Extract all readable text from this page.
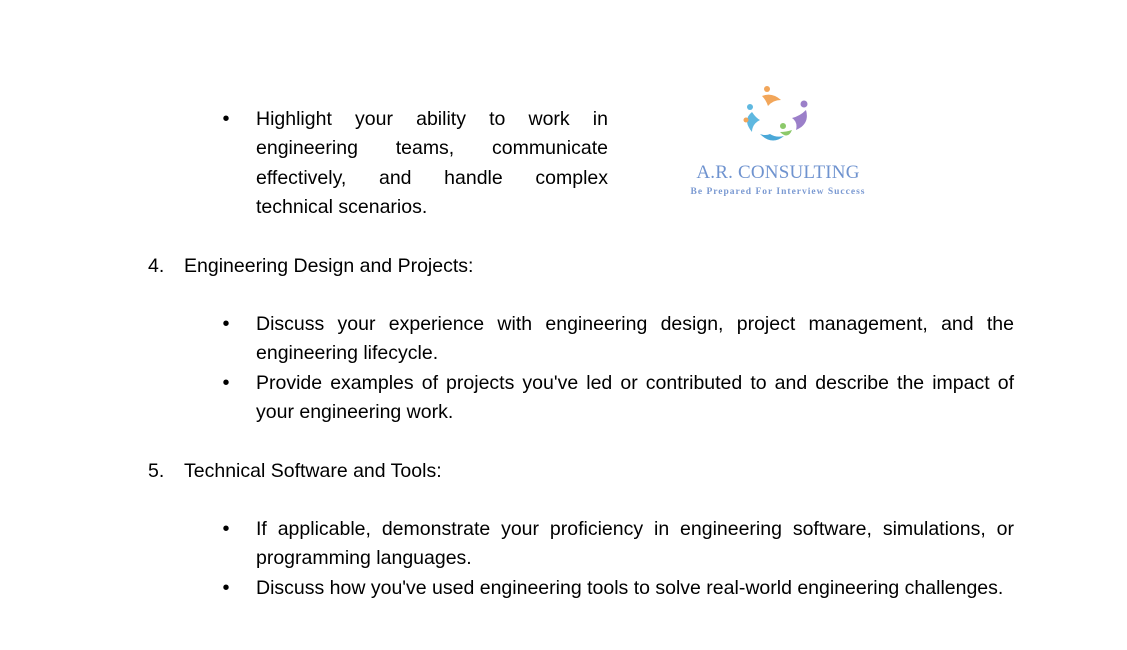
• Highlight your ability to work in engineering teams, communicate effectively, and handle complex technical scenarios.
A.R. CONSULTING
Be Prepared For Interview Success
4. Engineering Design and Projects:
• Discuss your experience with engineering design, project management, and the engineering lifecycle.
• Provide examples of projects you've led or contributed to and describe the impact of your engineering work.
5. Technical Software and Tools:
• If applicable, demonstrate your proficiency in engineering software, simulations, or programming languages.
• Discuss how you've used engineering tools to solve real-world engineering challenges.
